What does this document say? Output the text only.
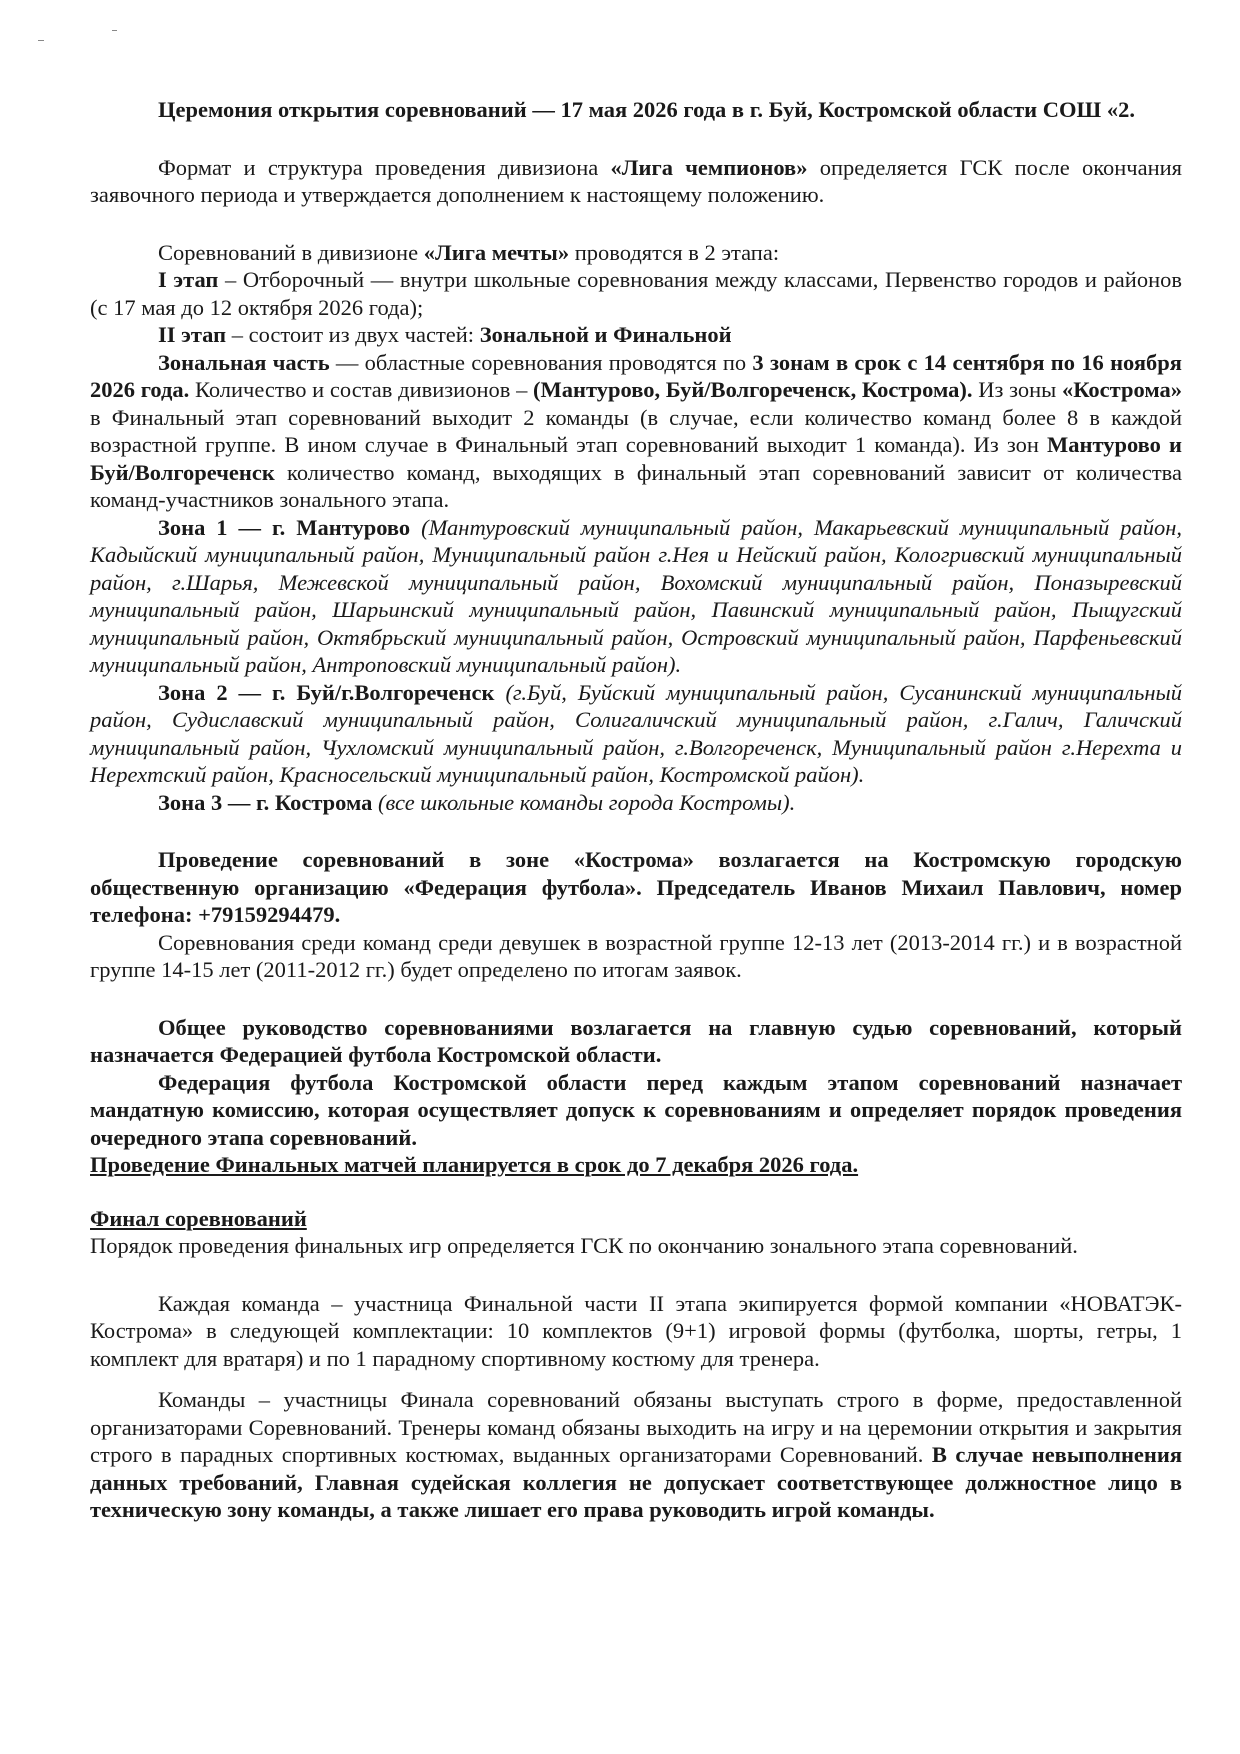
Церемония открытия соревнований — 17 мая 2026 года в г. Буй, Костромской области СОШ «2.

Формат и структура проведения дивизиона «Лига чемпионов» определяется ГСК после окончания заявочного периода и утверждается дополнением к настоящему положению.

Соревнований в дивизионе «Лига мечты» проводятся в 2 этапа:

I этап – Отборочный — внутри школьные соревнования между классами, Первенство городов и районов (с 17 мая до 12 октября 2026 года);

II этап – состоит из двух частей: Зональной и Финальной

Зональная часть — областные соревнования проводятся по 3 зонам в срок с 14 сентября по 16 ноября 2026 года. Количество и состав дивизионов – (Мантурово, Буй/Волгореченск, Кострома). Из зоны «Кострома» в Финальный этап соревнований выходит 2 команды (в случае, если количество команд более 8 в каждой возрастной группе. В ином случае в Финальный этап соревнований выходит 1 команда). Из зон Мантурово и Буй/Волгореченск количество команд, выходящих в финальный этап соревнований зависит от количества команд-участников зонального этапа.

Зона 1 — г. Мантурово (Мантуровский муниципальный район, Макарьевский муниципальный район, Кадыйский муниципальный район, Муниципальный район г.Нея и Нейский район, Кологривский муниципальный район, г.Шарья, Межевской муниципальный район, Вохомский муниципальный район, Поназыревский муниципальный район, Шарьинский муниципальный район, Павинский муниципальный район, Пыщугский муниципальный район, Октябрьский муниципальный район, Островский муниципальный район, Парфеньевский муниципальный район, Антроповский муниципальный район).

Зона 2 — г. Буй/г.Волгореченск (г.Буй, Буйский муниципальный район, Сусанинский муниципальный район, Судиславский муниципальный район, Солигаличский муниципальный район, г.Галич, Галичский муниципальный район, Чухломский муниципальный район, г.Волгореченск, Муниципальный район г.Нерехта и Нерехтский район, Красносельский муниципальный район, Костромской район).

Зона 3 — г. Кострома (все школьные команды города Костромы).

Проведение соревнований в зоне «Кострома» возлагается на Костромскую городскую общественную организацию «Федерация футбола». Председатель Иванов Михаил Павлович, номер телефона: +79159294479.

Соревнования среди команд среди девушек в возрастной группе 12-13 лет (2013-2014 гг.) и в возрастной группе 14-15 лет (2011-2012 гг.) будет определено по итогам заявок.

Общее руководство соревнованиями возлагается на главную судью соревнований, который назначается Федерацией футбола Костромской области.

Федерация футбола Костромской области перед каждым этапом соревнований назначает мандатную комиссию, которая осуществляет допуск к соревнованиям и определяет порядок проведения очередного этапа соревнований.

Проведение Финальных матчей планируется в срок до 7 декабря 2026 года.

Финал соревнований

Порядок проведения финальных игр определяется ГСК по окончанию зонального этапа соревнований.

Каждая команда – участница Финальной части II этапа экипируется формой компании «НОВАТЭК-Кострома» в следующей комплектации: 10 комплектов (9+1) игровой формы (футболка, шорты, гетры, 1 комплект для вратаря) и по 1 парадному спортивному костюму для тренера.

Команды – участницы Финала соревнований обязаны выступать строго в форме, предоставленной организаторами Соревнований. Тренеры команд обязаны выходить на игру и на церемонии открытия и закрытия строго в парадных спортивных костюмах, выданных организаторами Соревнований. В случае невыполнения данных требований, Главная судейская коллегия не допускает соответствующее должностное лицо в техническую зону команды, а также лишает его права руководить игрой команды.
